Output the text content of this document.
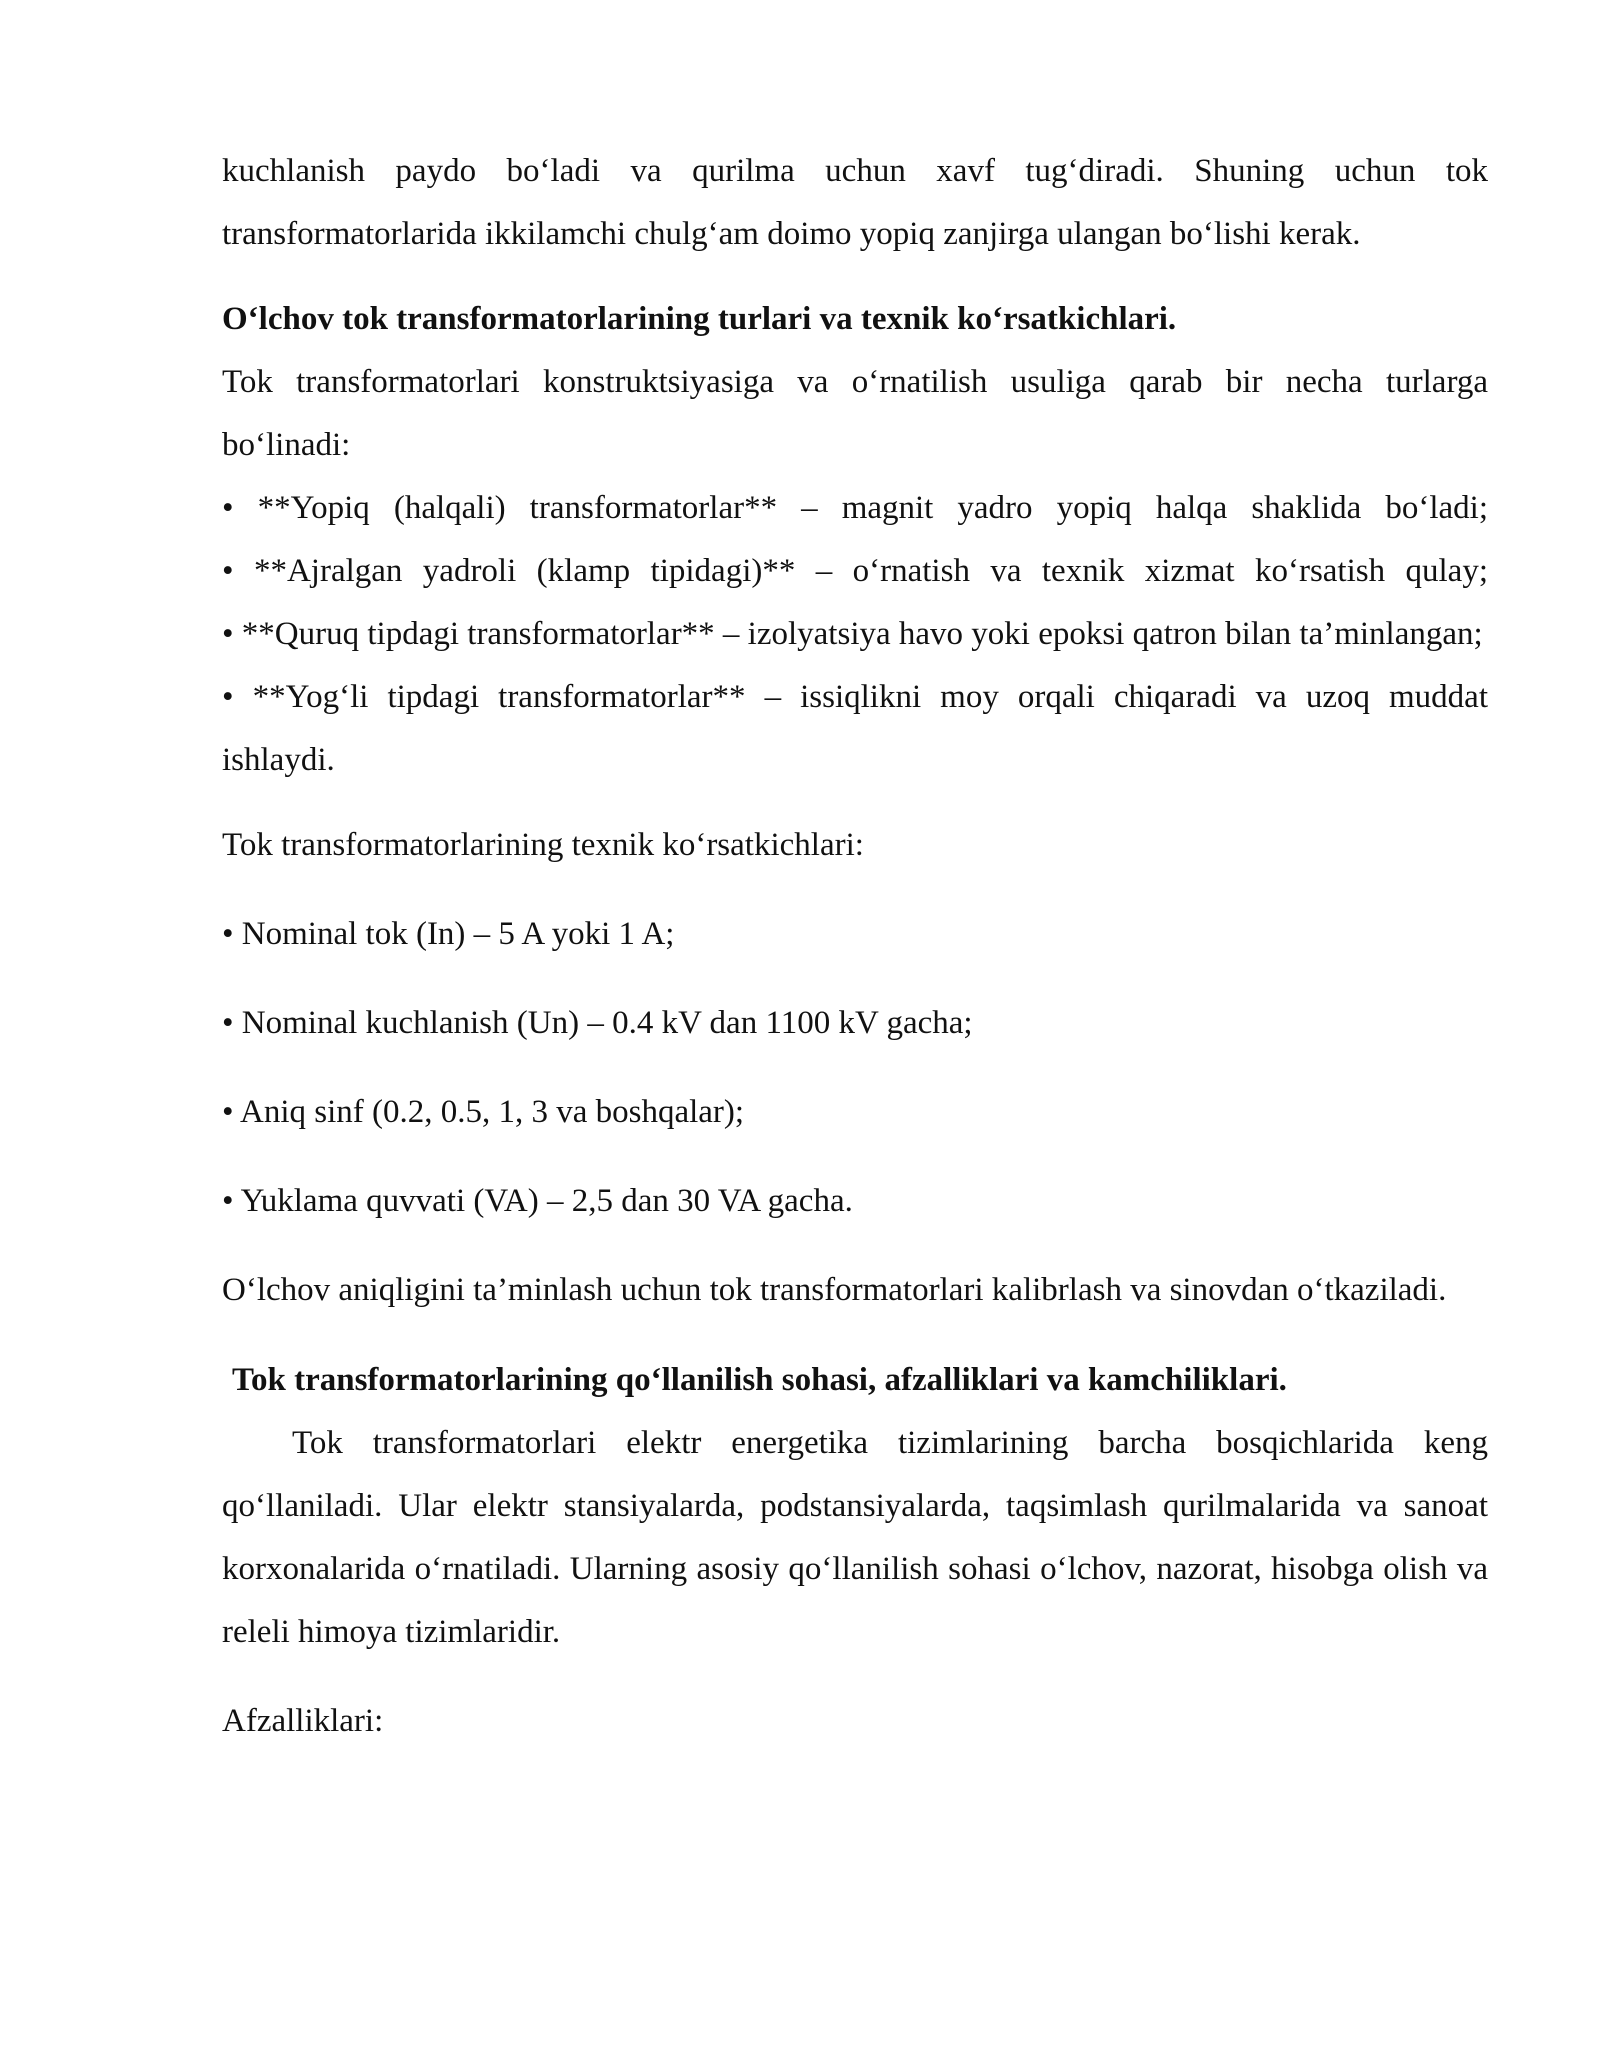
kuchlanish paydo bo‘ladi va qurilma uchun xavf tug‘diradi. Shuning uchun tok transformatorlarida ikkilamchi chulg‘am doimo yopiq zanjirga ulangan bo‘lishi kerak.

O‘lchov tok transformatorlarining turlari va texnik ko‘rsatkichlari.

Tok transformatorlari konstruktsiyasiga va o‘rnatilish usuliga qarab bir necha turlarga bo‘linadi:

• **Yopiq (halqali) transformatorlar** – magnit yadro yopiq halqa shaklida bo‘ladi;

• **Ajralgan yadroli (klamp tipidagi)** – o‘rnatish va texnik xizmat ko‘rsatish qulay;

• **Quruq tipdagi transformatorlar** – izolyatsiya havo yoki epoksi qatron bilan ta’minlangan;

• **Yog‘li tipdagi transformatorlar** – issiqlikni moy orqali chiqaradi va uzoq muddat ishlaydi.

Tok transformatorlarining texnik ko‘rsatkichlari:

• Nominal tok (In) – 5 A yoki 1 A;

• Nominal kuchlanish (Un) – 0.4 kV dan 1100 kV gacha;

• Aniq sinf (0.2, 0.5, 1, 3 va boshqalar);

• Yuklama quvvati (VA) – 2,5 dan 30 VA gacha.

O‘lchov aniqligini ta’minlash uchun tok transformatorlari kalibrlash va sinovdan o‘tkaziladi.

Tok transformatorlarining qo‘llanilish sohasi, afzalliklari va kamchiliklari.

Tok transformatorlari elektr energetika tizimlarining barcha bosqichlarida keng qo‘llaniladi. Ular elektr stansiyalarda, podstansiyalarda, taqsimlash qurilmalarida va sanoat korxonalarida o‘rnatiladi. Ularning asosiy qo‘llanilish sohasi o‘lchov, nazorat, hisobga olish va releli himoya tizimlaridir.

Afzalliklari:
